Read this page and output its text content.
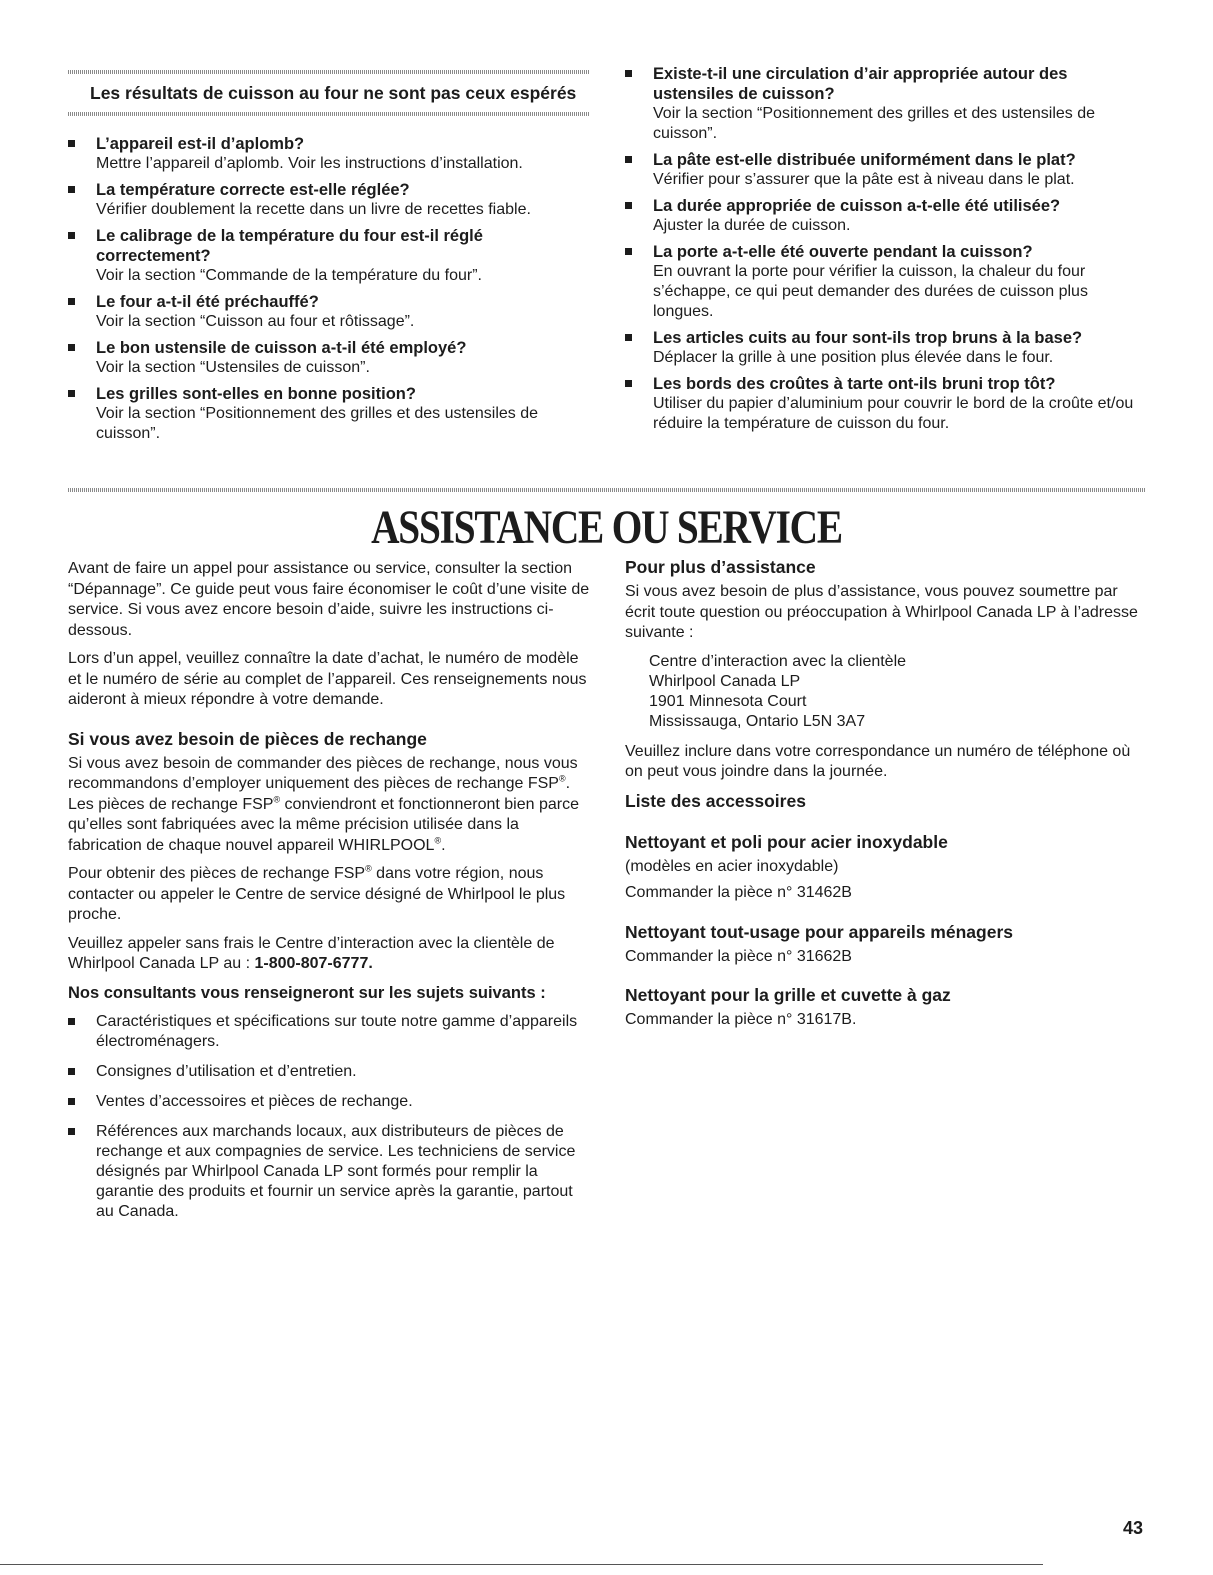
Les résultats de cuisson au four ne sont pas ceux espérés
L’appareil est-il d’aplomb?
Mettre l’appareil d’aplomb. Voir les instructions d’installation.
La température correcte est-elle réglée?
Vérifier doublement la recette dans un livre de recettes fiable.
Le calibrage de la température du four est-il réglé correctement?
Voir la section “Commande de la température du four”.
Le four a-t-il été préchauffé?
Voir la section “Cuisson au four et rôtissage”.
Le bon ustensile de cuisson a-t-il été employé?
Voir la section “Ustensiles de cuisson”.
Les grilles sont-elles en bonne position?
Voir la section “Positionnement des grilles et des ustensiles de cuisson”.
Existe-t-il une circulation d’air appropriée autour des ustensiles de cuisson?
Voir la section “Positionnement des grilles et des ustensiles de cuisson”.
La pâte est-elle distribuée uniformément dans le plat?
Vérifier pour s’assurer que la pâte est à niveau dans le plat.
La durée appropriée de cuisson a-t-elle été utilisée?
Ajuster la durée de cuisson.
La porte a-t-elle été ouverte pendant la cuisson?
En ouvrant la porte pour vérifier la cuisson, la chaleur du four s’échappe, ce qui peut demander des durées de cuisson plus longues.
Les articles cuits au four sont-ils trop bruns à la base?
Déplacer la grille à une position plus élevée dans le four.
Les bords des croûtes à tarte ont-ils bruni trop tôt?
Utiliser du papier d’aluminium pour couvrir le bord de la croûte et/ou réduire la température de cuisson du four.
ASSISTANCE OU SERVICE

Avant de faire un appel pour assistance ou service, consulter la section “Dépannage”. Ce guide peut vous faire économiser le coût d’une visite de service. Si vous avez encore besoin d’aide, suivre les instructions ci-dessous.

Lors d’un appel, veuillez connaître la date d’achat, le numéro de modèle et le numéro de série au complet de l’appareil. Ces renseignements nous aideront à mieux répondre à votre demande.

Si vous avez besoin de pièces de rechange

Si vous avez besoin de commander des pièces de rechange, nous vous recommandons d’employer uniquement des pièces de rechange FSP®. Les pièces de rechange FSP® conviendront et fonctionneront bien parce qu’elles sont fabriquées avec la même précision utilisée dans la fabrication de chaque nouvel appareil WHIRLPOOL®.

Pour obtenir des pièces de rechange FSP® dans votre région, nous contacter ou appeler le Centre de service désigné de Whirlpool le plus proche.

Veuillez appeler sans frais le Centre d’interaction avec la clientèle de Whirlpool Canada LP au : 1-800-807-6777.

Nos consultants vous renseigneront sur les sujets suivants :
Caractéristiques et spécifications sur toute notre gamme d’appareils électroménagers.
Consignes d’utilisation et d’entretien.
Ventes d’accessoires et pièces de rechange.
Références aux marchands locaux, aux distributeurs de pièces de rechange et aux compagnies de service. Les techniciens de service désignés par Whirlpool Canada LP sont formés pour remplir la garantie des produits et fournir un service après la garantie, partout au Canada.
Pour plus d’assistance

Si vous avez besoin de plus d’assistance, vous pouvez soumettre par écrit toute question ou préoccupation à Whirlpool Canada LP à l’adresse suivante :

Centre d’interaction avec la clientèle
Whirlpool Canada LP
1901 Minnesota Court
Mississauga, Ontario L5N 3A7

Veuillez inclure dans votre correspondance un numéro de téléphone où on peut vous joindre dans la journée.

Liste des accessoires
Nettoyant et poli pour acier inoxydable
(modèles en acier inoxydable)
Commander la pièce n° 31462B
Nettoyant tout-usage pour appareils ménagers
Commander la pièce n° 31662B
Nettoyant pour la grille et cuvette à gaz
Commander la pièce n° 31617B.
43
